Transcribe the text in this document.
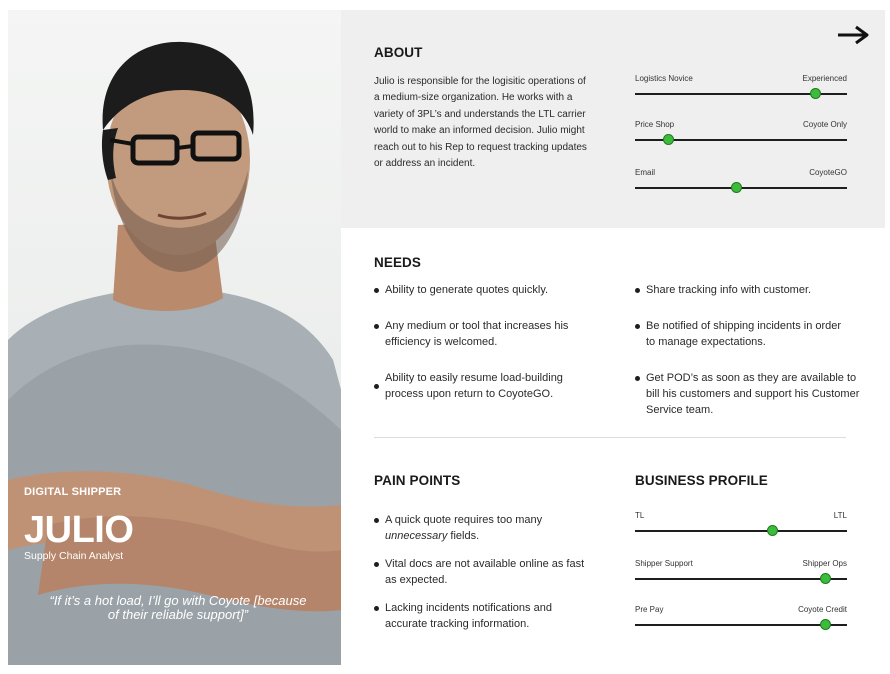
DIGITAL SHIPPER
JULIO
Supply Chain Analyst
“If it’s a hot load, I’ll go with Coyote [because of their reliable support]”
ABOUT
Julio is responsible for the logisitic operations of a medium-size organization. He works with a variety of 3PL’s and understands the LTL carrier world to make an informed decision. Julio might reach out to his Rep to request tracking updates or address an incident.
Logistics Novice	Experienced
Price Shop	Coyote Only
Email	CoyoteGO
NEEDS
Ability to generate quotes quickly.
Any medium or tool that increases his efficiency is welcomed.
Ability to easily resume load-building process upon return to CoyoteGO.
Share tracking info with customer.
Be notified of shipping incidents in order to manage expectations.
Get POD’s as soon as they are available to bill his customers and support his Customer Service team.
PAIN POINTS
A quick quote requires too many
unnecessary fields.
Vital docs are not available online as fast as expected.
Lacking incidents notifications and accurate tracking information.
BUSINESS PROFILE
TL	LTL
Shipper Support	Shipper Ops
Pre Pay	Coyote Credit
